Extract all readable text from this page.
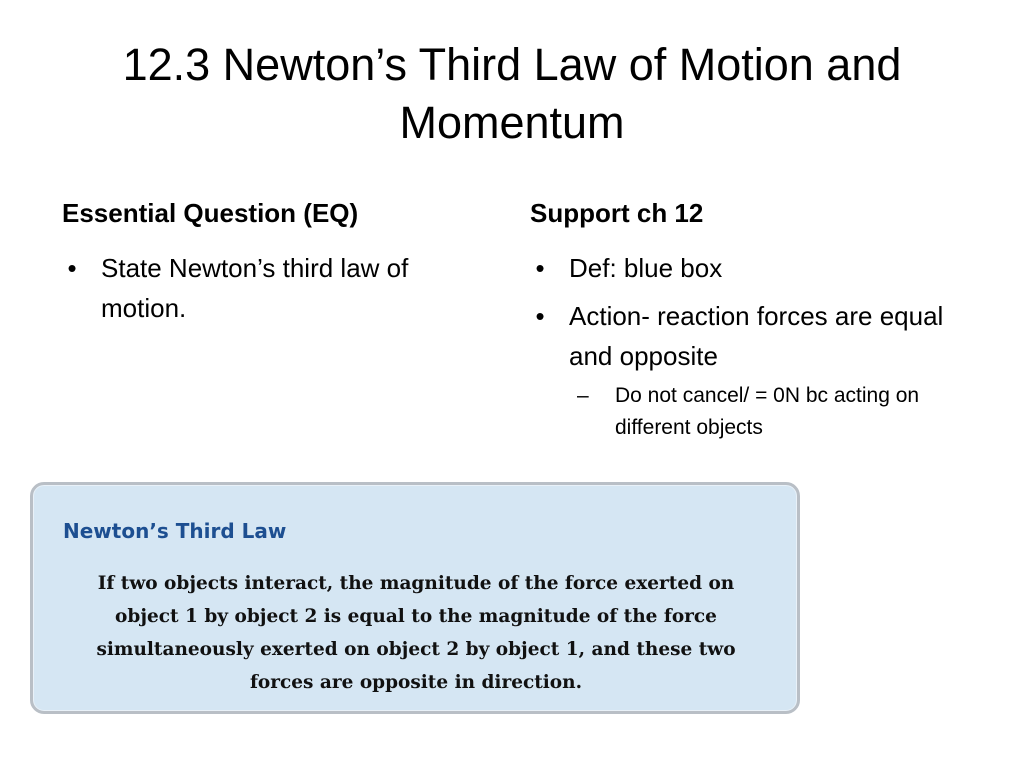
12.3 Newton’s Third Law of Motion and Momentum
Essential Question (EQ)
• State Newton’s third law of motion.
Support ch 12
• Def: blue box
• Action- reaction forces are equal and opposite
– Do not cancel/ = 0N bc acting on different objects
Newton’s Third Law

If two objects interact, the magnitude of the force exerted on object 1 by object 2 is equal to the magnitude of the force simultaneously exerted on object 2 by object 1, and these two forces are opposite in direction.
